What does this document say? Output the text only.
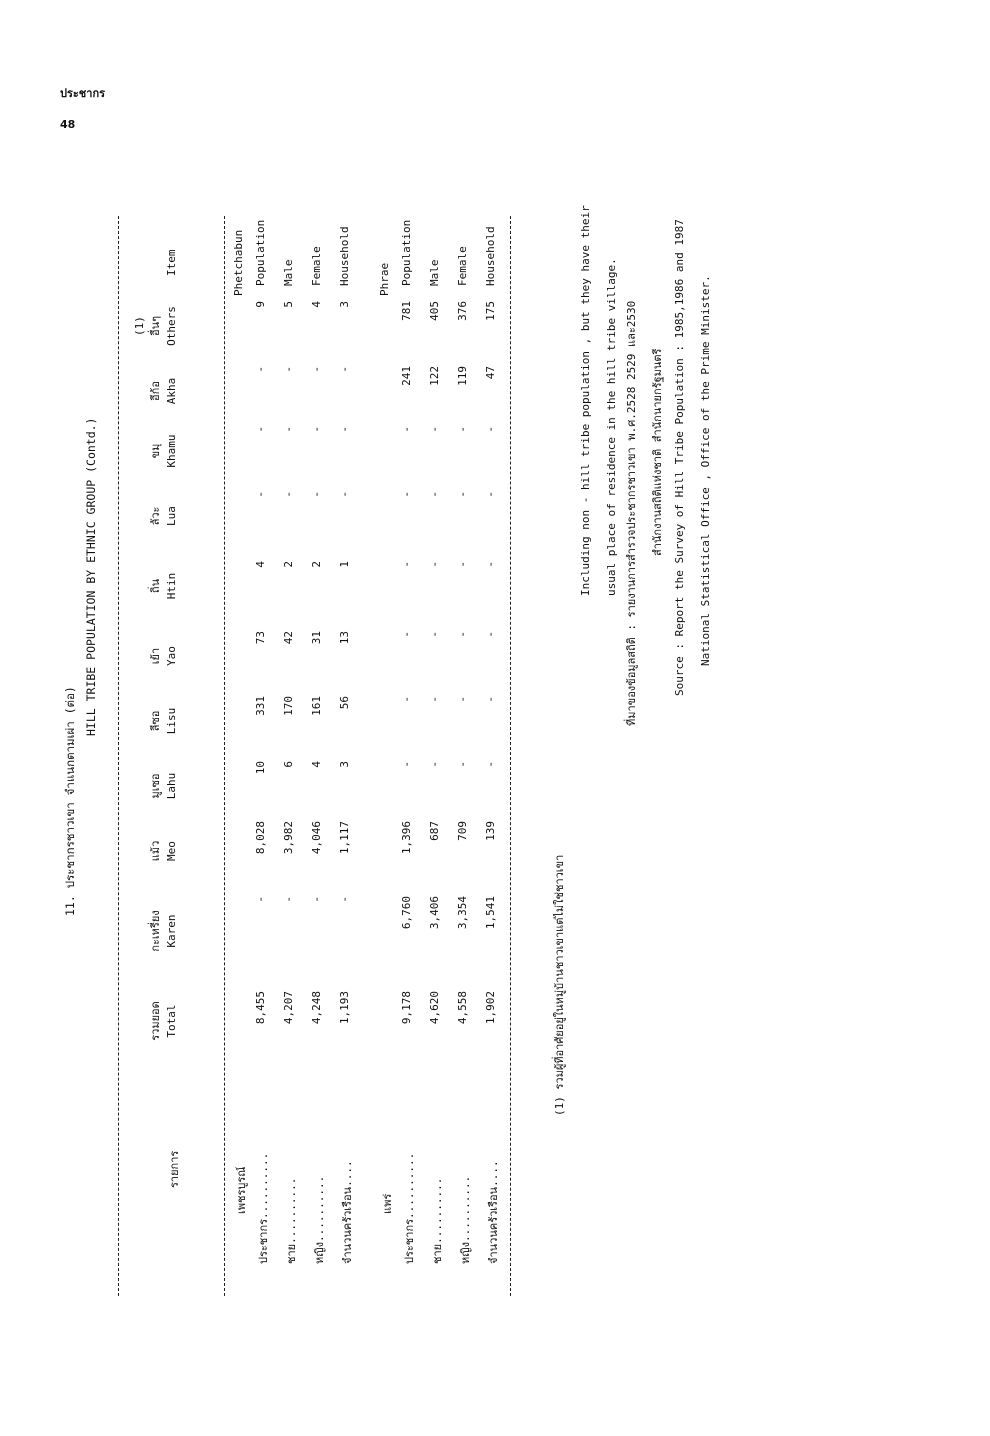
ประชากร
48
11. ประชากรชาวเขา จำแนกตามเผ่า (ต่อ)
HILL TRIBE POPULATION BY ETHNIC GROUP (Contd.)
รายการ
Item
รวมยอด Total
กะเหรี่ยง Karen
แม้ว Meo
มูเซอ Lahu
ลีซอ Lisu
เย้า Yao
ถิ่น Htin
ลัวะ Lua
ขมุ Khamu
อีก้อ Akha
(1) อื่นๆ Others
เพชรบูรณ์
Phetchabun
ประชากร..........
8,455
-
8,028
10
331
73
4
-
-
-
9
Population
ชาย..........
4,207
-
3,982
6
170
42
2
-
-
-
5
Male
หญิง..........
4,248
-
4,046
4
161
31
2
-
-
-
4
Female
จำนวนครัวเรือน....
1,193
-
1,117
3
56
13
1
-
-
-
3
Household
แพร่
Phrae
ประชากร..........
9,178
6,760
1,396
-
-
-
-
-
-
241
781
Population
ชาย..........
4,620
3,406
687
-
-
-
-
-
-
122
405
Male
หญิง..........
4,558
3,354
709
-
-
-
-
-
-
119
376
Female
จำนวนครัวเรือน....
1,902
1,541
139
-
-
-
-
-
-
47
175
Household
(1) รวมผู้ที่อาศัยอยู่ในหมู่บ้านชาวเขาแต่ไม่ใช่ชาวเขา
Including non - hill tribe population , but they have their usual place of residence in the hill tribe village. ที่มาของข้อมูลสถิติ : รายงานการสำรวจประชากรชาวเขา พ.ศ.2528 2529 และ2530 สำนักงานสถิติแห่งชาติ สำนักนายกรัฐมนตรี Source : Report the Survey of Hill Tribe Population : 1985,1986 and 1987 National Statistical Office , Office of the Prime Minister.
